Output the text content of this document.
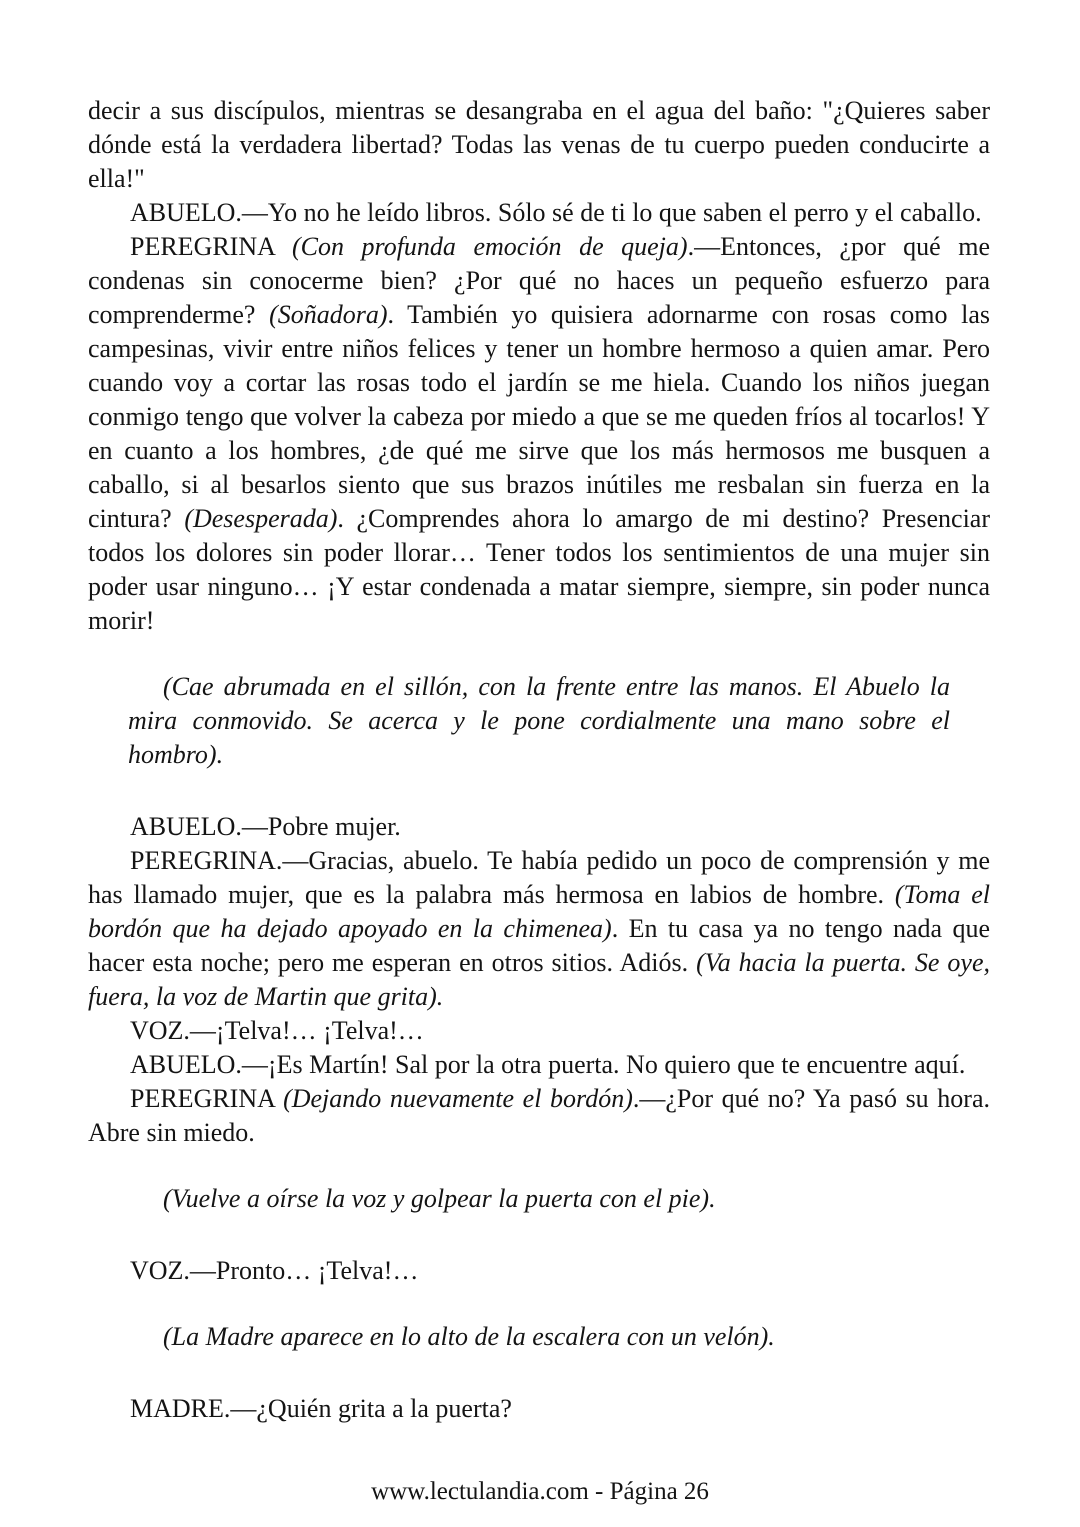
decir a sus discípulos, mientras se desangraba en el agua del baño: "¿Quieres saber dónde está la verdadera libertad? Todas las venas de tu cuerpo pueden conducirte a ella!"

ABUELO.—Yo no he leído libros. Sólo sé de ti lo que saben el perro y el caballo.

PEREGRINA (Con profunda emoción de queja).—Entonces, ¿por qué me condenas sin conocerme bien? ¿Por qué no haces un pequeño esfuerzo para comprenderme? (Soñadora). También yo quisiera adornarme con rosas como las campesinas, vivir entre niños felices y tener un hombre hermoso a quien amar. Pero cuando voy a cortar las rosas todo el jardín se me hiela. Cuando los niños juegan conmigo tengo que volver la cabeza por miedo a que se me queden fríos al tocarlos! Y en cuanto a los hombres, ¿de qué me sirve que los más hermosos me busquen a caballo, si al besarlos siento que sus brazos inútiles me resbalan sin fuerza en la cintura? (Desesperada). ¿Comprendes ahora lo amargo de mi destino? Presenciar todos los dolores sin poder llorar… Tener todos los sentimientos de una mujer sin poder usar ninguno… ¡Y estar condenada a matar siempre, siempre, sin poder nunca morir!

(Cae abrumada en el sillón, con la frente entre las manos. El Abuelo la mira conmovido. Se acerca y le pone cordialmente una mano sobre el hombro).

ABUELO.—Pobre mujer.

PEREGRINA.—Gracias, abuelo. Te había pedido un poco de comprensión y me has llamado mujer, que es la palabra más hermosa en labios de hombre. (Toma el bordón que ha dejado apoyado en la chimenea). En tu casa ya no tengo nada que hacer esta noche; pero me esperan en otros sitios. Adiós. (Va hacia la puerta. Se oye, fuera, la voz de Martin que grita).

VOZ.—¡Telva!… ¡Telva!…

ABUELO.—¡Es Martín! Sal por la otra puerta. No quiero que te encuentre aquí.

PEREGRINA (Dejando nuevamente el bordón).—¿Por qué no? Ya pasó su hora. Abre sin miedo.

(Vuelve a oírse la voz y golpear la puerta con el pie).

VOZ.—Pronto… ¡Telva!…

(La Madre aparece en lo alto de la escalera con un velón).

MADRE.—¿Quién grita a la puerta?

www.lectulandia.com - Página 26
